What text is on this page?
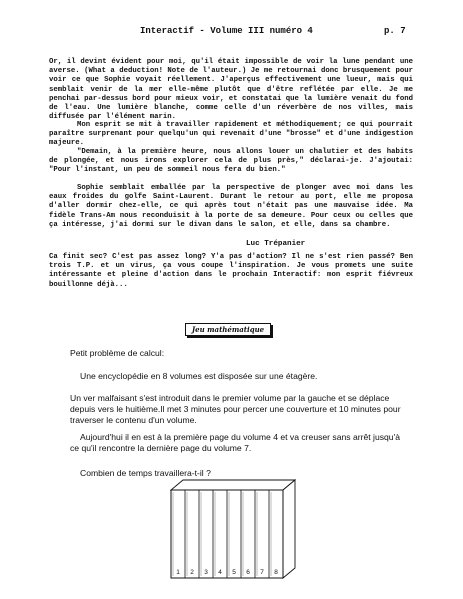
Interactif - Volume III numéro 4	p. 7

Or, il devint évident pour moi, qu'il était impossible de voir la lune pendant une averse. (What a deduction! Note de l'auteur.) Je me retournai donc brusquement pour voir ce que Sophie voyait réellement. J'aperçus effectivement une lueur, mais qui semblait venir de la mer elle-même plutôt que d'être reflétée par elle. Je me penchai par-dessus bord pour mieux voir, et constatai que la lumière venait du fond de l'eau. Une lumière blanche, comme celle d'un réverbère de nos villes, mais diffusée par l'élément marin.

Mon esprit se mit à travailler rapidement et méthodiquement; ce qui pourrait paraître surprenant pour quelqu'un qui revenait d'une "brosse" et d'une indigestion majeure.

"Demain, à la première heure, nous allons louer un chalutier et des habits de plongée, et nous irons explorer cela de plus près," déclarai-je. J'ajoutai: "Pour l'instant, un peu de sommeil nous fera du bien."

Sophie semblait emballée par la perspective de plonger avec moi dans les eaux froides du golfe Saint-Laurent. Durant le retour au port, elle me proposa d'aller dormir chez-elle, ce qui après tout n'était pas une mauvaise idée. Ma fidèle Trans-Am nous reconduisit à la porte de sa demeure. Pour ceux ou celles que ça intéresse, j'ai dormi sur le divan dans le salon, et elle, dans sa chambre.

Luc Trépanier

Ca finit sec? C'est pas assez long? Y'a pas d'action? Il ne s'est rien passé? Ben trois T.P. et un virus, ça vous coupe l'inspiration. Je vous promets une suite intéressante et pleine d'action dans le prochain Interactif: mon esprit fiévreux bouillonne déjà...

Jeu mathématique

Petit problème de calcul:

Une encyclopédie en 8 volumes est disposée sur une étagère.

Un ver malfaisant s'est introduit dans le premier volume par la gauche et se déplace depuis vers le huitième.Il met 3 minutes pour percer une couverture et 10 minutes pour traverser le contenu d'un volume.

Aujourd'hui il en est à la première page du volume 4 et va creuser sans arrêt jusqu'à ce qu'il rencontre la dernière page du volume 7.

Combien de temps travaillera-t-il ?

1 2 3 4 5 6 7 8
